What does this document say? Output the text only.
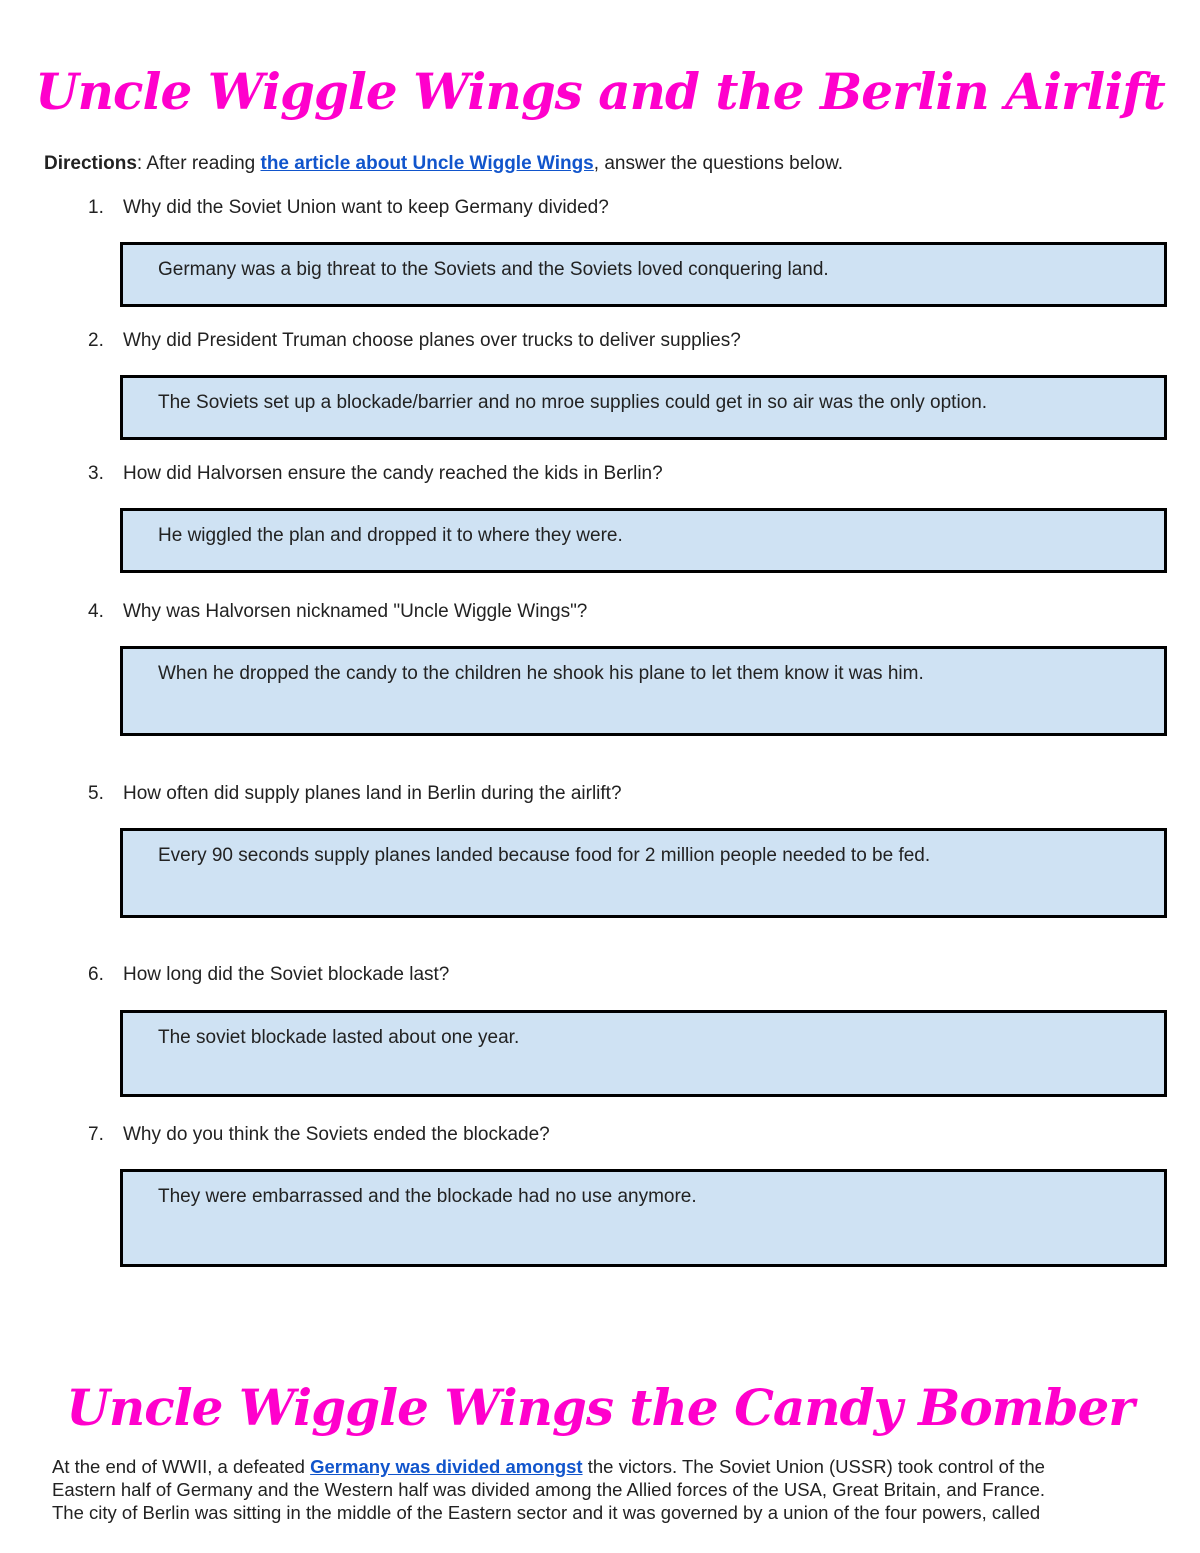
Uncle Wiggle Wings and the Berlin Airlift
Directions: After reading the article about Uncle Wiggle Wings, answer the questions below.
1. Why did the Soviet Union want to keep Germany divided?
Germany was a big threat to the Soviets and the Soviets loved conquering land.
2. Why did President Truman choose planes over trucks to deliver supplies?
The Soviets set up a blockade/barrier and no mroe supplies could get in so air was the only option.
3. How did Halvorsen ensure the candy reached the kids in Berlin?
He wiggled the plan and dropped it to where they were.
4. Why was Halvorsen nicknamed "Uncle Wiggle Wings"?
When he dropped the candy to the children he shook his plane to let them know it was him.
5. How often did supply planes land in Berlin during the airlift?
Every 90 seconds supply planes landed because food for 2 million people needed to be fed.
6. How long did the Soviet blockade last?
The soviet blockade lasted about one year.
7. Why do you think the Soviets ended the blockade?
They were embarrassed and the blockade had no use anymore.
Uncle Wiggle Wings the Candy Bomber
At the end of WWII, a defeated Germany was divided amongst the victors. The Soviet Union (USSR) took control of the
Eastern half of Germany and the Western half was divided among the Allied forces of the USA, Great Britain, and France.
The city of Berlin was sitting in the middle of the Eastern sector and it was governed by a union of the four powers, called
